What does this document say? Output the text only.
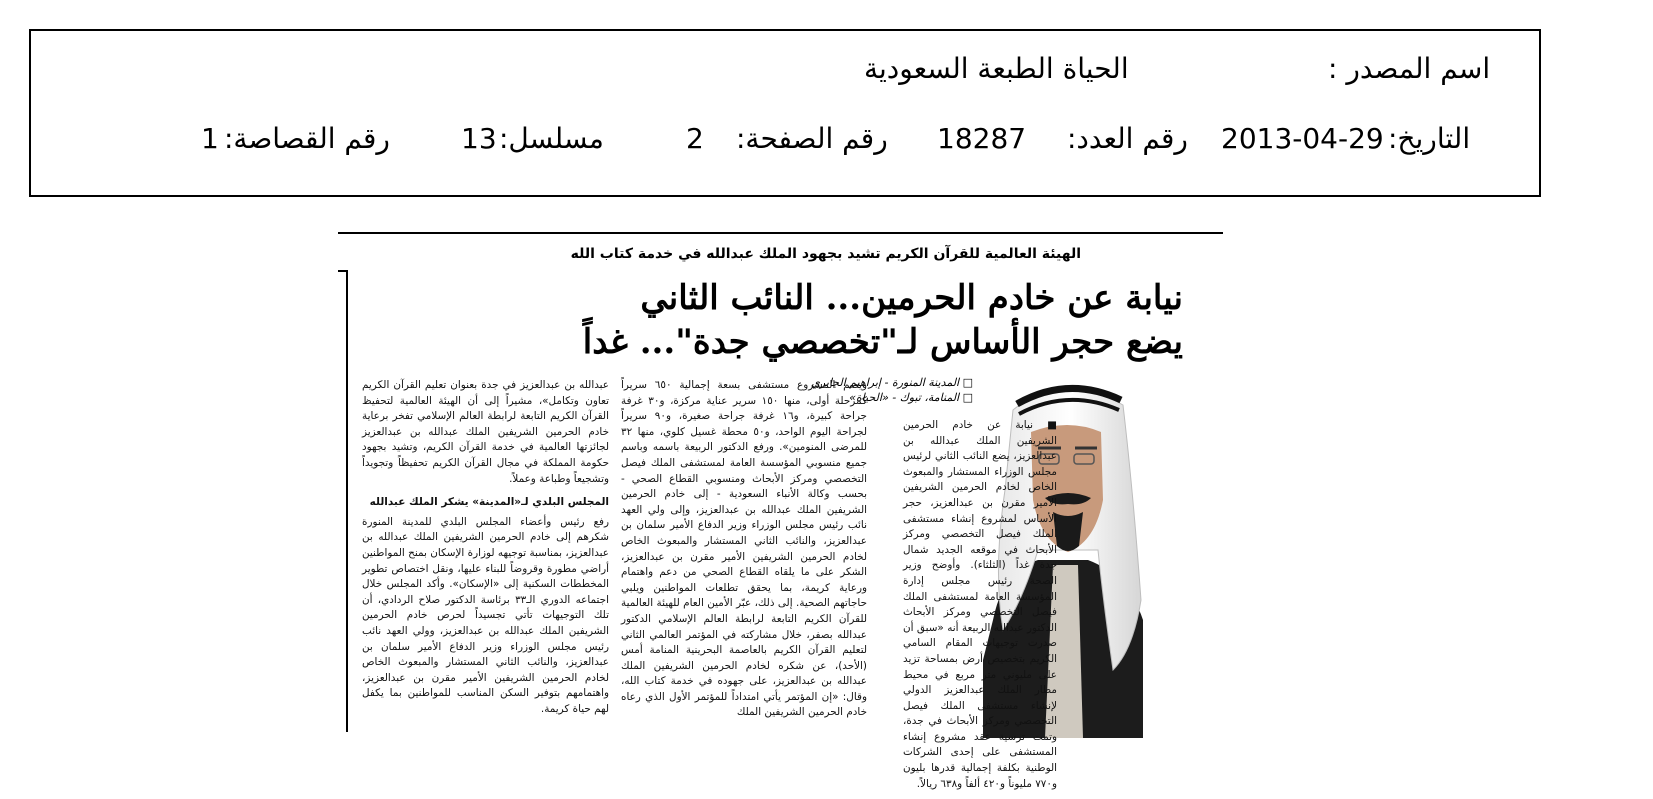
اسم المصدر :
الحياة الطبعة السعودية
التاريخ:
2013-04-29
رقم العدد:
18287
رقم الصفحة:
2
مسلسل:
13
رقم القصاصة:
1
الهيئة العالمية للقرآن الكريم تشيد بجهود الملك عبدالله في خدمة كتاب الله
نيابة عن خادم الحرمين... النائب الثاني
يضع حجر الأساس لـ"تخصصي جدة"... غداً
□ المدينة المنورة - إبراهيم الجابري
□ المنامة، تبوك - «الحياة»
■ نيابة عن خادم الحرمين الشريفين الملك عبدالله بن عبدالعزيز، يضع النائب الثاني لرئيس مجلس الوزراء المستشار والمبعوث الخاص لخادم الحرمين الشريفين الأمير مقرن بن عبدالعزيز، حجر الأساس لمشروع إنشاء مستشفى الملك فيصل التخصصي ومركز الأبحاث في موقعه الجديد شمال جدة غداً (الثلثاء). وأوضح وزير الصحة رئيس مجلس إدارة المؤسسة العامة لمستشفى الملك فيصل التخصصي ومركز الأبحاث الدكتور عبدالله الربيعة أنه «سبق أن صدرت توجيهات المقام السامي الكريم بتخصيص أرض بمساحة تزيد على مليوني متر مربع في محيط مطار الملك عبدالعزيز الدولي لإنشاء مستشفى الملك فيصل التخصصي ومركز الأبحاث في جدة، وتمت ترسية عقد مشروع إنشاء المستشفى على إحدى الشركات الوطنية بكلفة إجمالية قدرها بليون و٧٧٠ مليوناً و٤٢٠ ألفاً و٦٣٨ ريالاً.
ويضم المشروع مستشفى بسعة إجمالية ٦٥٠ سريراً كمرحلة أولى، منها ١٥٠ سرير عناية مركزة، و٣٠ غرفة جراحة كبيرة، و١٦ غرفة جراحة صغيرة، و٩٠ سريراً لجراحة اليوم الواحد، و٥٠ محطة غسيل كلوي، منها ٣٢ للمرضى المنومين». ورفع الدكتور الربيعة باسمه وباسم جميع منسوبي المؤسسة العامة لمستشفى الملك فيصل التخصصي ومركز الأبحاث ومنسوبي القطاع الصحي - بحسب وكالة الأنباء السعودية - إلى خادم الحرمين الشريفين الملك عبدالله بن عبدالعزيز، وإلى ولي العهد نائب رئيس مجلس الوزراء وزير الدفاع الأمير سلمان بن عبدالعزيز، والنائب الثاني المستشار والمبعوث الخاص لخادم الحرمين الشريفين الأمير مقرن بن عبدالعزيز، الشكر على ما يلقاه القطاع الصحي من دعم واهتمام ورعاية كريمة، بما يحقق تطلعات المواطنين ويلبي حاجاتهم الصحية. إلى ذلك، عبّر الأمين العام للهيئة العالمية للقرآن الكريم التابعة لرابطة العالم الإسلامي الدكتور عبدالله بصفر، خلال مشاركته في المؤتمر العالمي الثاني لتعليم القرآن الكريم بالعاصمة البحرينية المنامة أمس (الأحد)، عن شكره لخادم الحرمين الشريفين الملك عبدالله بن عبدالعزيز، على جهوده في خدمة كتاب الله، وقال: «إن المؤتمر يأتي امتداداً للمؤتمر الأول الذي رعاه خادم الحرمين الشريفين الملك
عبدالله بن عبدالعزيز في جدة بعنوان تعليم القرآن الكريم تعاون وتكامل»، مشيراً إلى أن الهيئة العالمية لتحفيظ القرآن الكريم التابعة لرابطة العالم الإسلامي تفخر برعاية خادم الحرمين الشريفين الملك عبدالله بن عبدالعزيز لجائزتها العالمية في خدمة القرآن الكريم، وتشيد بجهود حكومة المملكة في مجال القرآن الكريم تحفيظاً وتجويداً وتشجيعاً وطباعة وعملاً.
المجلس البلدي لـ«المدينة» يشكر الملك عبدالله
رفع رئيس وأعضاء المجلس البلدي للمدينة المنورة شكرهم إلى خادم الحرمين الشريفين الملك عبدالله بن عبدالعزيز، بمناسبة توجيهه لوزارة الإسكان بمنح المواطنين أراضي مطورة وقروضاً للبناء عليها، ونقل اختصاص تطوير المخططات السكنية إلى «الإسكان». وأكد المجلس خلال اجتماعه الدوري الـ٣٣ برئاسة الدكتور صلاح الردادي، أن تلك التوجيهات تأتي تجسيداً لحرص خادم الحرمين الشريفين الملك عبدالله بن عبدالعزيز، وولي العهد نائب رئيس مجلس الوزراء وزير الدفاع الأمير سلمان بن عبدالعزيز، والنائب الثاني المستشار والمبعوث الخاص لخادم الحرمين الشريفين الأمير مقرن بن عبدالعزيز، واهتمامهم بتوفير السكن المناسب للمواطنين بما يكفل لهم حياة كريمة.
